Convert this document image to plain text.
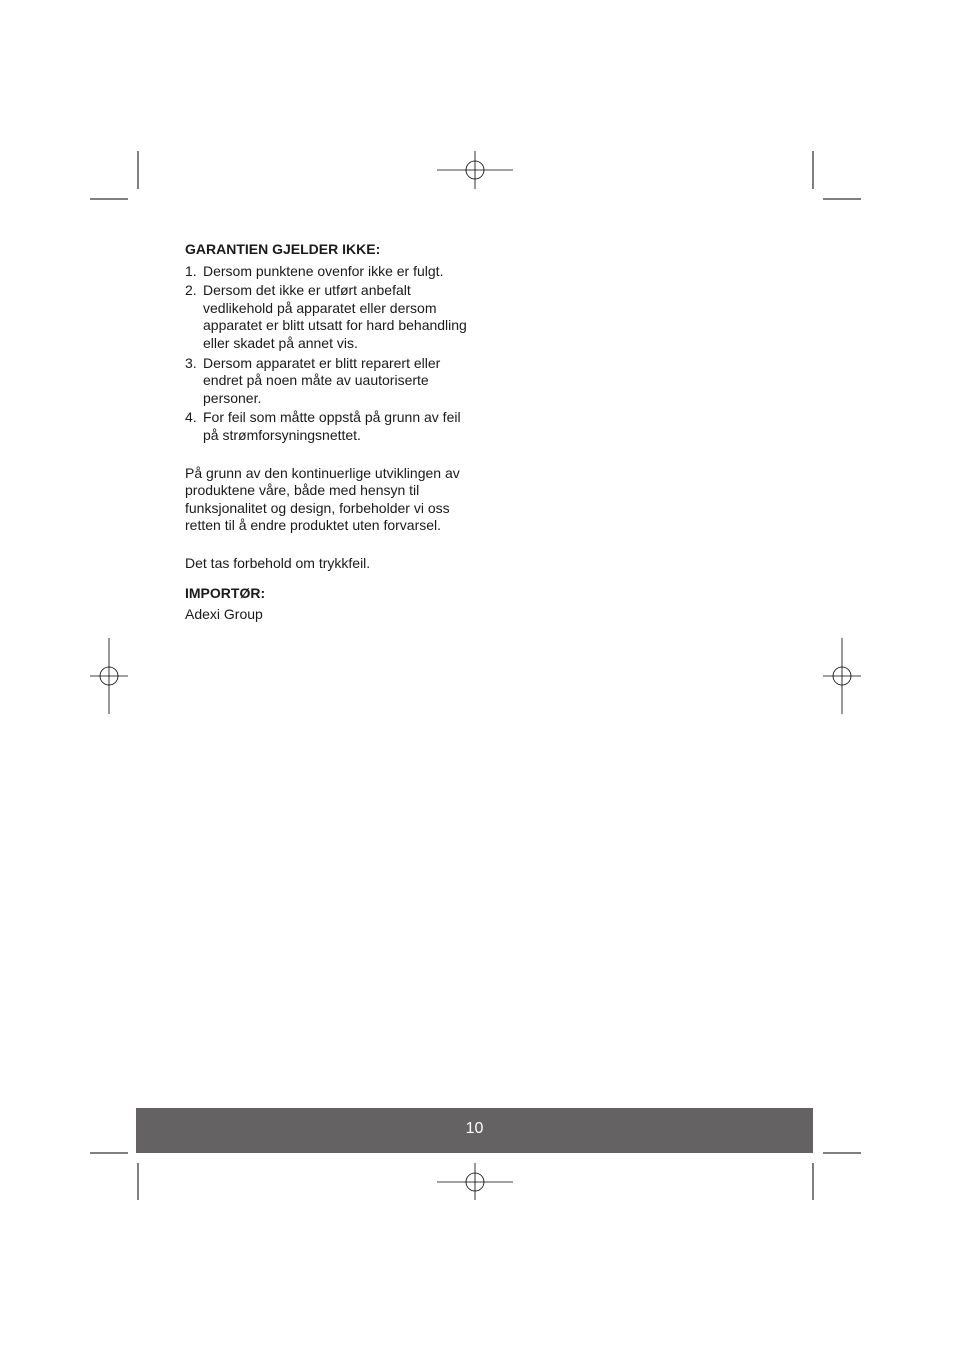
GARANTIEN GJELDER IKKE:

1. Dersom punktene ovenfor ikke er fulgt.
2. Dersom det ikke er utført anbefalt vedlikehold på apparatet eller dersom apparatet er blitt utsatt for hard behandling eller skadet på annet vis.
3. Dersom apparatet er blitt reparert eller endret på noen måte av uautoriserte personer.
4. For feil som måtte oppstå på grunn av feil på strømforsyningsnettet.

På grunn av den kontinuerlige utviklingen av produktene våre, både med hensyn til funksjonalitet og design, forbeholder vi oss retten til å endre produktet uten forvarsel.

Det tas forbehold om trykkfeil.

IMPORTØR:

Adexi Group

10
